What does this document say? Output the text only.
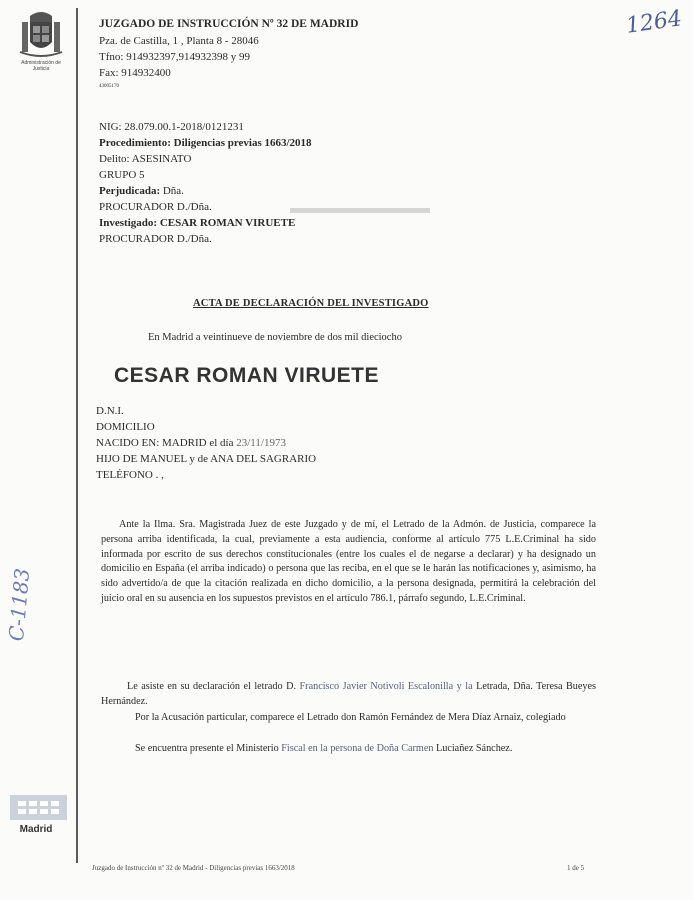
Administración de Justicia
JUZGADO DE INSTRUCCIÓN Nº 32 DE MADRID
Pza. de Castilla, 1 , Planta 8 - 28046
Tfno: 914932397,914932398 y 99
Fax: 914932400
43005170
1264
C-1183
NIG: 28.079.00.1-2018/0121231
Procedimiento: Diligencias previas 1663/2018
Delito: ASESINATO
GRUPO 5
Perjudicada: Dña.
PROCURADOR D./Dña.
Investigado: CESAR ROMAN VIRUETE
PROCURADOR D./Dña.
ACTA DE DECLARACIÓN DEL INVESTIGADO
En Madrid a veintinueve de noviembre de dos mil dieciocho
CESAR ROMAN VIRUETE
D.N.I.
DOMICILIO
NACIDO EN: MADRID el día 23/11/1973
HIJO DE MANUEL y de ANA DEL SAGRARIO
TELÉFONO . ,
Ante la Ilma. Sra. Magistrada Juez de este Juzgado y de mí, el Letrado de la Admón. de Justicia, comparece la persona arriba identificada, la cual, previamente a esta audiencia, conforme al artículo 775 L.E.Criminal ha sido informada por escrito de sus derechos constitucionales (entre los cuales el de negarse a declarar) y ha designado un domicilio en España (el arriba indicado) o persona que las reciba, en el que se le harán las notificaciones y, asimismo, ha sido advertido/a de que la citación realizada en dicho domicilio, a la persona designada, permitirá la celebración del juicio oral en su ausencia en los supuestos previstos en el artículo 786.1, párrafo segundo, L.E.Criminal.
Le asiste en su declaración el letrado D. Francisco Javier Notivoli Escalonilla y la Letrada, Dña. Teresa Bueyes Hernández.
Por la Acusación particular, comparece el Letrado don Ramón Fernández de Mera Díaz Arnaiz, colegiado
Se encuentra presente el Ministerio Fiscal en la persona de Doña Carmen Luciañez Sánchez.
Madrid
Juzgado de Instrucción nº 32 de Madrid - Diligencias previas 1663/2018	1 de 5
